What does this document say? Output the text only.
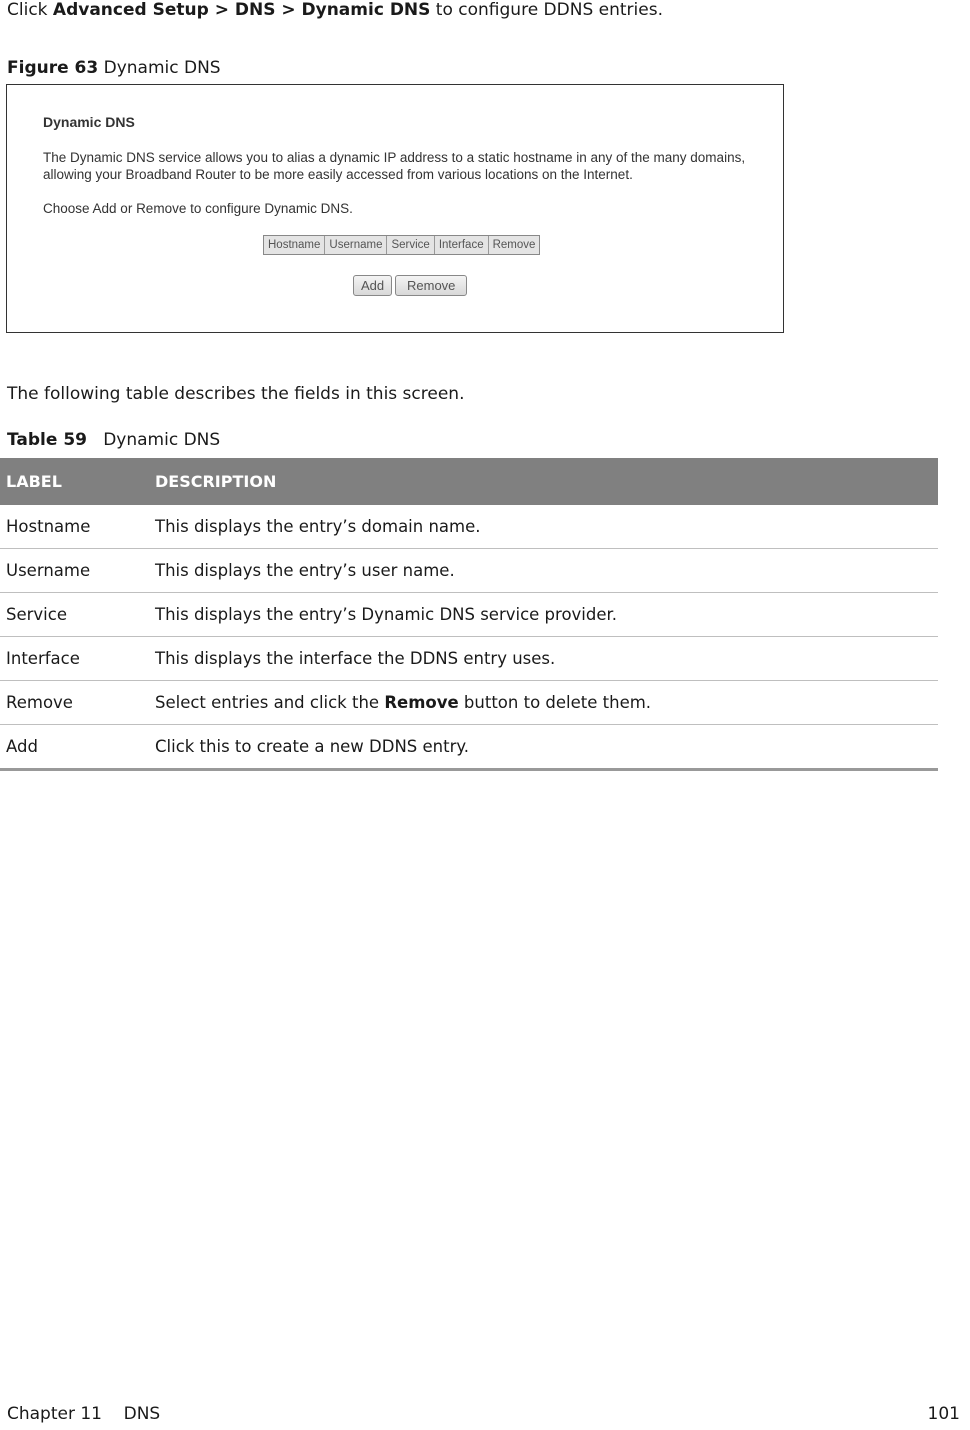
Click Advanced Setup > DNS > Dynamic DNS to configure DDNS entries.
Figure 63 Dynamic DNS
Dynamic DNS
The Dynamic DNS service allows you to alias a dynamic IP address to a static hostname in any of the many domains, allowing your Broadband Router to be more easily accessed from various locations on the Internet.
Choose Add or Remove to configure Dynamic DNS.
Hostname Username Service Interface Remove
Add	Remove
The following table describes the fields in this screen.
Table 59 Dynamic DNS
LABEL	DESCRIPTION
Hostname	This displays the entry’s domain name.
Username	This displays the entry’s user name.
Service	This displays the entry’s Dynamic DNS service provider.
Interface	This displays the interface the DDNS entry uses.
Remove	Select entries and click the Remove button to delete them.
Add	Click this to create a new DDNS entry.
Chapter 11    DNS	101
